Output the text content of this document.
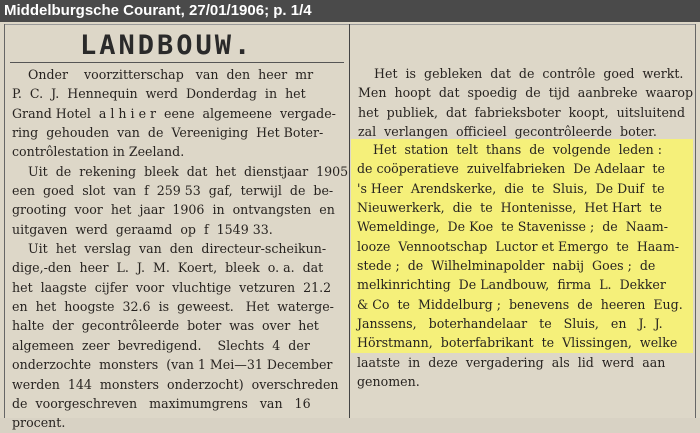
Middelburgsche Courant, 27/01/1906; p. 1/4
LANDBOUW.
Onder    voorzitterschap   van  den  heer  mr
P.  C.  J.  Hennequin  werd  Donderdag  in  het
Grand Hotel  a l h i e r  eene  algemeene  vergade-
ring  gehouden  van  de  Vereeniging  Het Boter-
contrôlestation in Zeeland.
Uit  de  rekening  bleek  dat  het  dienstjaar  1905
een  goed  slot  van  f  259 53  gaf,  terwijl  de  be-
grooting  voor  het  jaar  1906  in  ontvangsten  en
uitgaven  werd  geraamd  op  f  1549 33.
Uit  het  verslag  van  den  directeur-scheikun-
dige,-den  heer  L.  J.  M.  Koert,  bleek  o. a.  dat
het  laagste  cijfer  voor  vluchtige  vetzuren  21.2
en  het  hoogste  32.6  is  geweest.   Het  waterge-
halte  der  gecontrôleerde  boter  was  over  het
algemeen  zeer  bevredigend.    Slechts  4  der
onderzochte  monsters  (van 1 Mei—31 December
werden  144  monsters  onderzocht)  overschreden
de  voorgeschreven   maximumgrens   van   16
procent.
Het  is  gebleken  dat  de  contrôle  goed  werkt.
Men  hoopt  dat  spoedig  de  tijd  aanbreke  waarop
het  publiek,  dat  fabrieksboter  koopt,  uitsluitend
zal  verlangen  officieel  gecontrôleerde  boter.
Het  station  telt  thans  de  volgende  leden :
de coöperatieve  zuivelfabrieken  De Adelaar  te
's Heer  Arendskerke,  die  te  Sluis,  De Duif  te
Nieuwerkerk,  die  te  Hontenisse,  Het Hart  te
Wemeldinge,  De Koe  te Stavenisse ;  de  Naam-
looze  Vennootschap  Luctor et Emergo  te  Haam-
stede ;  de  Wilhelminapolder  nabij  Goes ;  de
melkinrichting  De Landbouw,  firma  L.  Dekker
& Co  te  Middelburg ;  benevens  de  heeren  Eug.
Janssens,   boterhandelaar   te   Sluis,   en   J.  J.
Hörstmann,  boterfabrikant  te  Vlissingen,  welke
laatste  in  deze  vergadering  als  lid  werd  aan
genomen.
